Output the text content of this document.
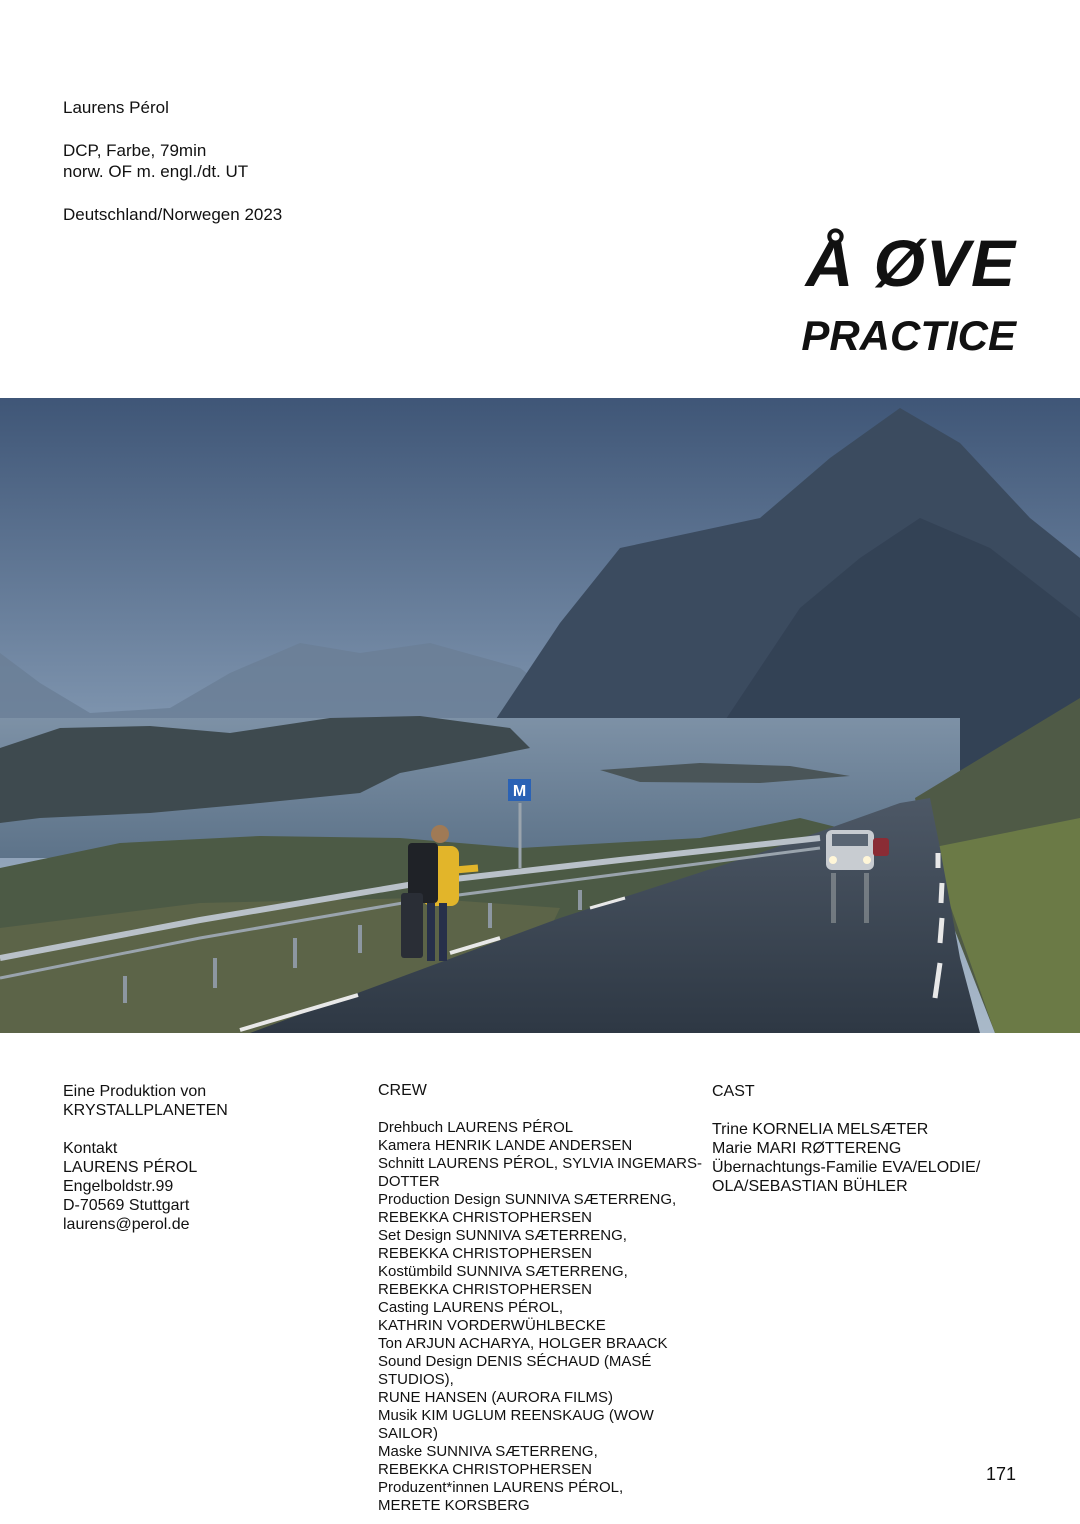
Laurens Pérol
DCP, Farbe, 79min
norw. OF m. engl./dt. UT
Deutschland/Norwegen 2023
Å ØVE
PRACTICE
M
Eine Produktion von
KRYSTALLPLANETEN
Kontakt
LAURENS PÉROL
Engelboldstr.99
D-70569 Stuttgart
laurens@perol.de
CREW
Drehbuch LAURENS PÉROL
Kamera HENRIK LANDE ANDERSEN
Schnitt LAURENS PÉROL, SYLVIA INGEMARS-
DOTTER
Production Design SUNNIVA SÆTERRENG,
REBEKKA CHRISTOPHERSEN
Set Design SUNNIVA SÆTERRENG,
REBEKKA CHRISTOPHERSEN
Kostümbild SUNNIVA SÆTERRENG,
REBEKKA CHRISTOPHERSEN
Casting LAURENS PÉROL,
KATHRIN VORDERWÜHLBECKE
Ton ARJUN ACHARYA, HOLGER BRAACK
Sound Design DENIS SÉCHAUD (MASÉ STUDIOS),
RUNE HANSEN (AURORA FILMS)
Musik KIM UGLUM REENSKAUG (WOW SAILOR)
Maske SUNNIVA SÆTERRENG,
REBEKKA CHRISTOPHERSEN
Produzent*innen LAURENS PÉROL,
MERETE KORSBERG
CAST
Trine KORNELIA MELSÆTER
Marie MARI RØTTERENG
Übernachtungs-Familie EVA/ELODIE/
OLA/SEBASTIAN BÜHLER
171
